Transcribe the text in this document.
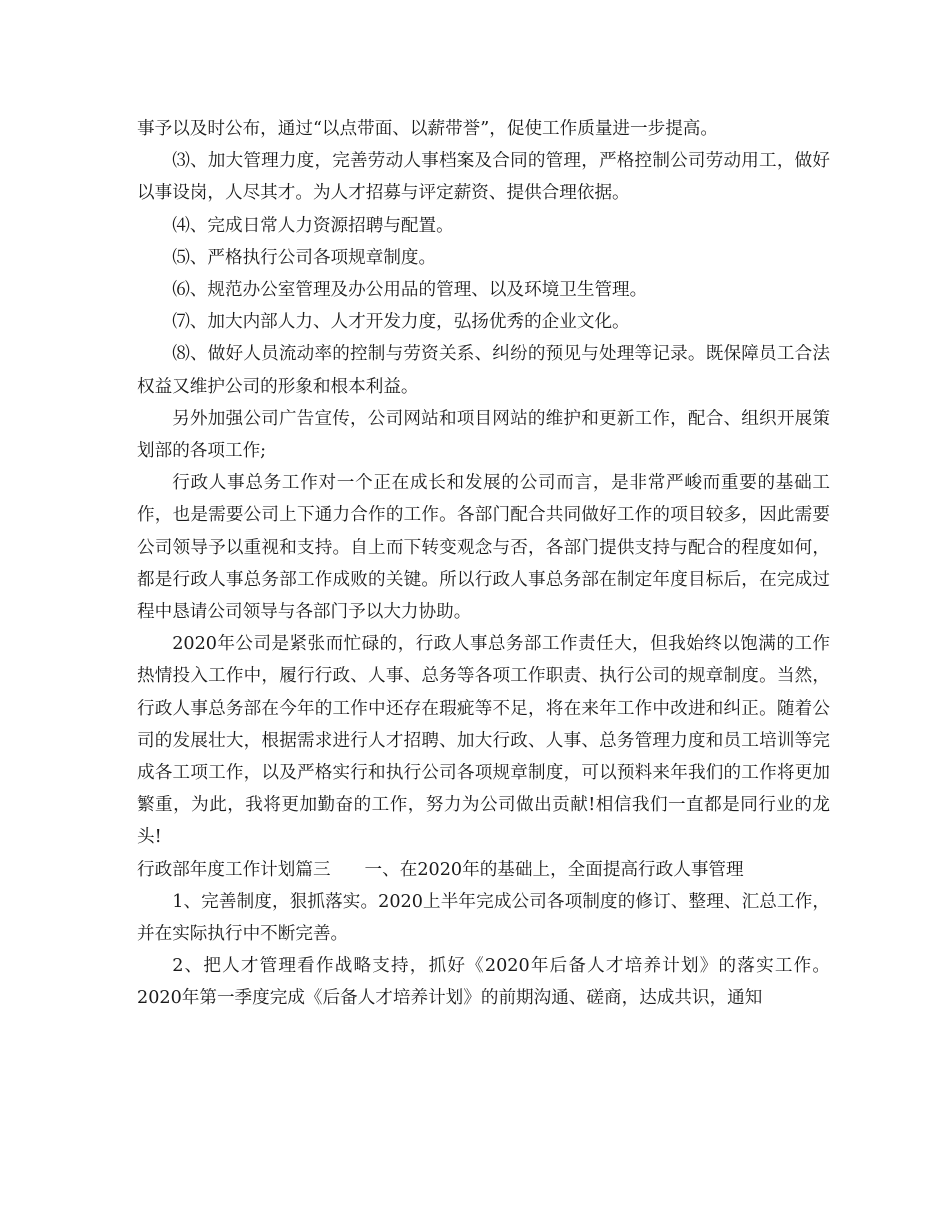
事予以及时公布，通过“以点带面、以薪带誉”，促使工作质量进一步提高。

⑶、加大管理力度，完善劳动人事档案及合同的管理，严格控制公司劳动用工，做好以事设岗，人尽其才。为人才招募与评定薪资、提供合理依据。

⑷、完成日常人力资源招聘与配置。

⑸、严格执行公司各项规章制度。

⑹、规范办公室管理及办公用品的管理、以及环境卫生管理。

⑺、加大内部人力、人才开发力度，弘扬优秀的企业文化。

⑻、做好人员流动率的控制与劳资关系、纠纷的预见与处理等记录。既保障员工合法权益又维护公司的形象和根本利益。

另外加强公司广告宣传，公司网站和项目网站的维护和更新工作，配合、组织开展策划部的各项工作;

行政人事总务工作对一个正在成长和发展的公司而言，是非常严峻而重要的基础工作，也是需要公司上下通力合作的工作。各部门配合共同做好工作的项目较多，因此需要公司领导予以重视和支持。自上而下转变观念与否，各部门提供支持与配合的程度如何，都是行政人事总务部工作成败的关键。所以行政人事总务部在制定年度目标后，在完成过程中恳请公司领导与各部门予以大力协助。

2020年公司是紧张而忙碌的，行政人事总务部工作责任大，但我始终以饱满的工作热情投入工作中，履行行政、人事、总务等各项工作职责、执行公司的规章制度。当然，行政人事总务部在今年的工作中还存在瑕疵等不足，将在来年工作中改进和纠正。随着公司的发展壮大，根据需求进行人才招聘、加大行政、人事、总务管理力度和员工培训等完成各工项工作，以及严格实行和执行公司各项规章制度，可以预料来年我们的工作将更加繁重，为此，我将更加勤奋的工作，努力为公司做出贡献!相信我们一直都是同行业的龙头!

行政部年度工作计划篇三 一、在2020年的基础上，全面提高行政人事管理

1、完善制度，狠抓落实。2020上半年完成公司各项制度的修订、整理、汇总工作，并在实际执行中不断完善。

2、把人才管理看作战略支持，抓好《2020年后备人才培养计划》的落实工作。2020年第一季度完成《后备人才培养计划》的前期沟通、磋商，达成共识，通知
